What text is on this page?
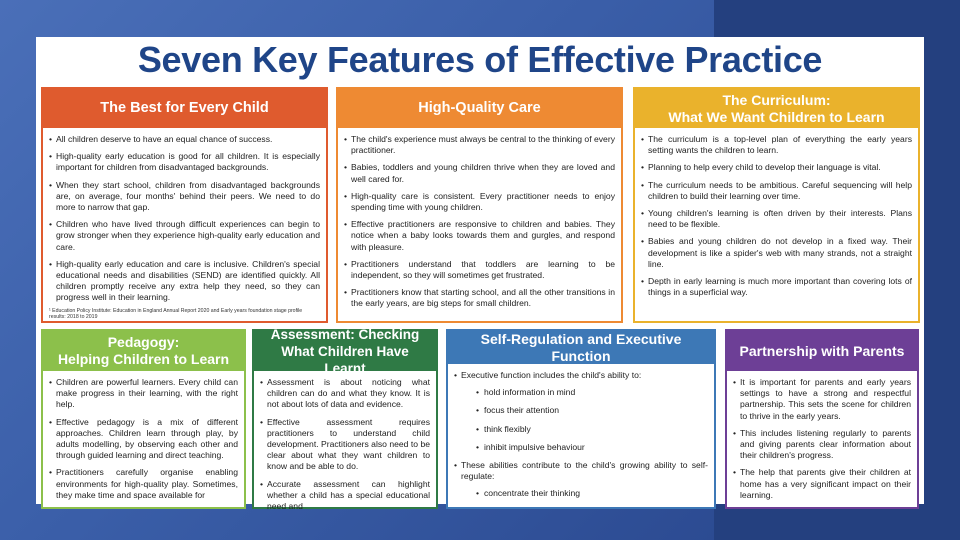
Seven Key Features of Effective Practice
The Best for Every Child
• All children deserve to have an equal chance of success.
• High-quality early education is good for all children. It is especially important for children from disadvantaged backgrounds.
• When they start school, children from disadvantaged backgrounds are, on average, four months' behind their peers. We need to do more to narrow that gap.
• Children who have lived through difficult experiences can begin to grow stronger when they experience high-quality early education and care.
• High-quality early education and care is inclusive. Children's special educational needs and disabilities (SEND) are identified quickly. All children promptly receive any extra help they need, so they can progress well in their learning.
¹ Education Policy Institute: Education in England Annual Report 2020 and Early years foundation stage profile results: 2018 to 2019
High-Quality Care
• The child's experience must always be central to the thinking of every practitioner.
• Babies, toddlers and young children thrive when they are loved and well cared for.
• High-quality care is consistent. Every practitioner needs to enjoy spending time with young children.
• Effective practitioners are responsive to children and babies. They notice when a baby looks towards them and gurgles, and respond with pleasure.
• Practitioners understand that toddlers are learning to be independent, so they will sometimes get frustrated.
• Practitioners know that starting school, and all the other transitions in the early years, are big steps for small children.
The Curriculum:
What We Want Children to Learn
• The curriculum is a top-level plan of everything the early years setting wants the children to learn.
• Planning to help every child to develop their language is vital.
• The curriculum needs to be ambitious. Careful sequencing will help children to build their learning over time.
• Young children's learning is often driven by their interests. Plans need to be flexible.
• Babies and young children do not develop in a fixed way. Their development is like a spider's web with many strands, not a straight line.
• Depth in early learning is much more important than covering lots of things in a superficial way.
Pedagogy:
Helping Children to Learn
• Children are powerful learners. Every child can make progress in their learning, with the right help.
• Effective pedagogy is a mix of different approaches. Children learn through play, by adults modelling, by observing each other and through guided learning and direct teaching.
• Practitioners carefully organise enabling environments for high-quality play. Sometimes, they make time and space available for
Assessment: Checking
What Children Have Learnt
• Assessment is about noticing what children can do and what they know. It is not about lots of data and evidence.
• Effective assessment requires practitioners to understand child development. Practitioners also need to be clear about what they want children to know and be able to do.
• Accurate assessment can highlight whether a child has a special educational need and
Self-Regulation and Executive Function
• Executive function includes the child's ability to:
• hold information in mind
• focus their attention
• think flexibly
• inhibit impulsive behaviour
• These abilities contribute to the child's growing ability to self-regulate:
• concentrate their thinking
Partnership with Parents
• It is important for parents and early years settings to have a strong and respectful partnership. This sets the scene for children to thrive in the early years.
• This includes listening regularly to parents and giving parents clear information about their children's progress.
• The help that parents give their children at home has a very significant impact on their learning.
